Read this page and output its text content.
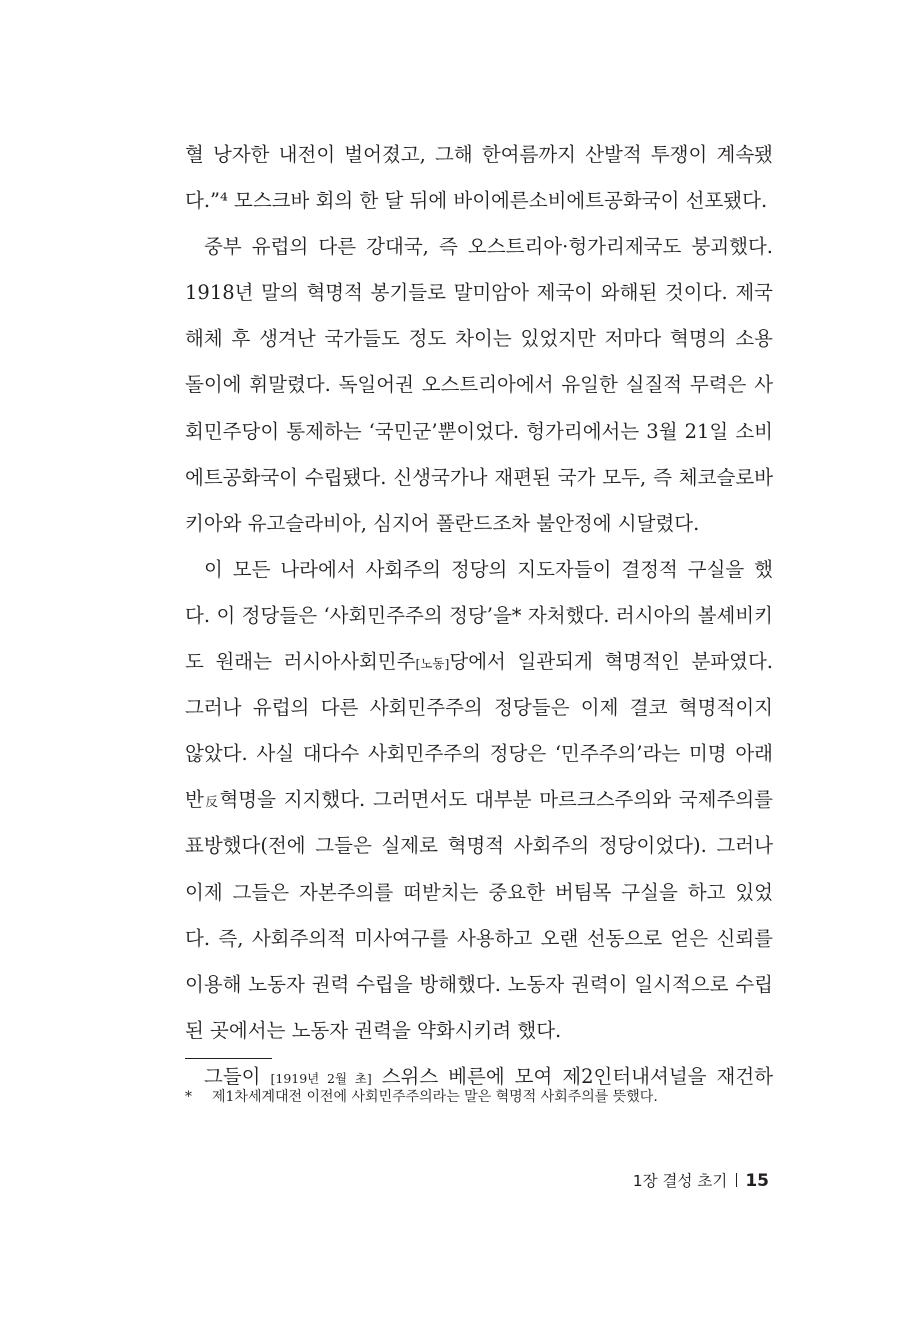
혈 낭자한 내전이 벌어졌고, 그해 한여름까지 산발적 투쟁이 계속됐
다.”⁴ 모스크바 회의 한 달 뒤에 바이에른소비에트공화국이 선포됐다.
중부 유럽의 다른 강대국, 즉 오스트리아·헝가리제국도 붕괴했다.
1918년 말의 혁명적 봉기들로 말미암아 제국이 와해된 것이다. 제국
해체 후 생겨난 국가들도 정도 차이는 있었지만 저마다 혁명의 소용
돌이에 휘말렸다. 독일어권 오스트리아에서 유일한 실질적 무력은 사
회민주당이 통제하는 ‘국민군’뿐이었다. 헝가리에서는 3월 21일 소비
에트공화국이 수립됐다. 신생국가나 재편된 국가 모두, 즉 체코슬로바
키아와 유고슬라비아, 심지어 폴란드조차 불안정에 시달렸다.
이 모든 나라에서 사회주의 정당의 지도자들이 결정적 구실을 했
다. 이 정당들은 ‘사회민주주의 정당’을* 자처했다. 러시아의 볼셰비키
도 원래는 러시아사회민주[노동]당에서 일관되게 혁명적인 분파였다.
그러나 유럽의 다른 사회민주주의 정당들은 이제 결코 혁명적이지
않았다. 사실 대다수 사회민주주의 정당은 ‘민주주의’라는 미명 아래
반反혁명을 지지했다. 그러면서도 대부분 마르크스주의와 국제주의를
표방했다(전에 그들은 실제로 혁명적 사회주의 정당이었다). 그러나
이제 그들은 자본주의를 떠받치는 중요한 버팀목 구실을 하고 있었
다. 즉, 사회주의적 미사여구를 사용하고 오랜 선동으로 얻은 신뢰를
이용해 노동자 권력 수립을 방해했다. 노동자 권력이 일시적으로 수립
된 곳에서는 노동자 권력을 약화시키려 했다.
그들이 [1919년 2월 초] 스위스 베른에 모여 제2인터내셔널을 재건하
* 제1차세계대전 이전에 사회민주주의라는 말은 혁명적 사회주의를 뜻했다.
1장 결성 초기 15
